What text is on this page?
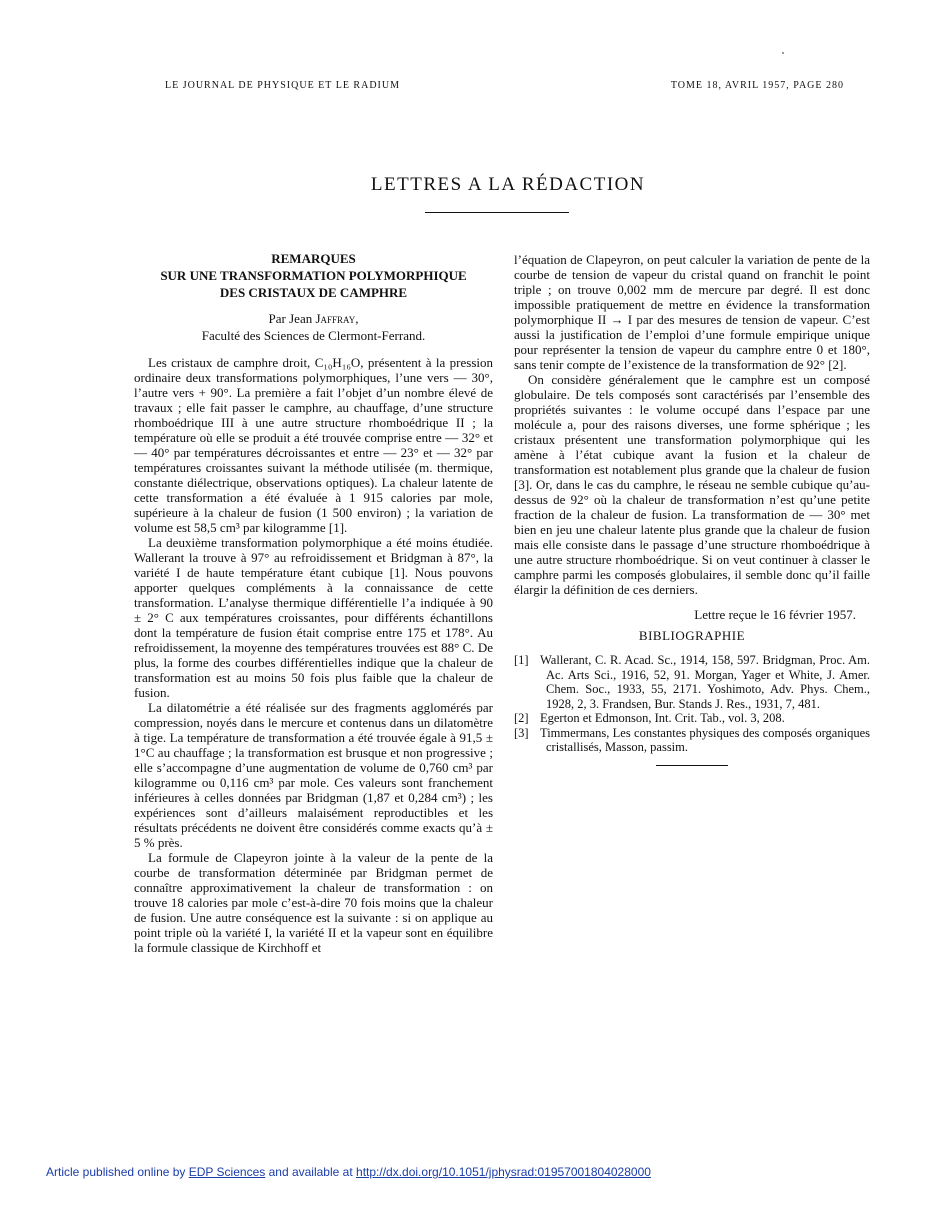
LE JOURNAL DE PHYSIQUE ET LE RADIUM	TOME 18, AVRIL 1957, PAGE 280
LETTRES A LA RÉDACTION
REMARQUES
SUR UNE TRANSFORMATION POLYMORPHIQUE
DES CRISTAUX DE CAMPHRE

Par Jean Jaffray,

Faculté des Sciences de Clermont-Ferrand.

Les cristaux de camphre droit, C₁₀H₁₆O, présentent à la pression ordinaire deux transformations polymorphiques, l’une vers — 30°, l’autre vers + 90°. La première a fait l’objet d’un nombre élevé de travaux ; elle fait passer le camphre, au chauffage, d’une structure rhomboédrique III à une autre structure rhomboédrique II ; la température où elle se produit a été trouvée comprise entre — 32° et — 40° par températures décroissantes et entre — 23° et — 32° par températures croissantes suivant la méthode utilisée (m. thermique, constante diélectrique, observations optiques). La chaleur latente de cette transformation a été évaluée à 1 915 calories par mole, supérieure à la chaleur de fusion (1 500 environ) ; la variation de volume est 58,5 cm³ par kilogramme [1].

La deuxième transformation polymorphique a été moins étudiée. Wallerant la trouve à 97° au refroidissement et Bridgman à 87°, la variété I de haute température étant cubique [1]. Nous pouvons apporter quelques compléments à la connaissance de cette transformation. L’analyse thermique différentielle l’a indiquée à 90 ± 2° C aux températures croissantes, pour différents échantillons dont la température de fusion était comprise entre 175 et 178°. Au refroidissement, la moyenne des températures trouvées est 88° C. De plus, la forme des courbes différentielles indique que la chaleur de transformation est au moins 50 fois plus faible que la chaleur de fusion.

La dilatométrie a été réalisée sur des fragments agglomérés par compression, noyés dans le mercure et contenus dans un dilatomètre à tige. La température de transformation a été trouvée égale à 91,5 ± 1°C au chauffage ; la transformation est brusque et non progressive ; elle s’accompagne d’une augmentation de volume de 0,760 cm³ par kilogramme ou 0,116 cm³ par mole. Ces valeurs sont franchement inférieures à celles données par Bridgman (1,87 et 0,284 cm³) ; les expériences sont d’ailleurs malaisément reproductibles et les résultats précédents ne doivent être considérés comme exacts qu’à ± 5 % près.

La formule de Clapeyron jointe à la valeur de la pente de la courbe de transformation déterminée par Bridgman permet de connaître approximativement la chaleur de transformation : on trouve 18 calories par mole c’est-à-dire 70 fois moins que la chaleur de fusion. Une autre conséquence est la suivante : si on applique au point triple où la variété I, la variété II et la vapeur sont en équilibre la formule classique de Kirchhoff et

l’équation de Clapeyron, on peut calculer la variation de pente de la courbe de tension de vapeur du cristal quand on franchit le point triple ; on trouve 0,002 mm de mercure par degré. Il est donc impossible pratiquement de mettre en évidence la transformation polymorphique II → I par des mesures de tension de vapeur. C’est aussi la justification de l’emploi d’une formule empirique unique pour représenter la tension de vapeur du camphre entre 0 et 180°, sans tenir compte de l’existence de la transformation de 92° [2].

On considère généralement que le camphre est un composé globulaire. De tels composés sont caractérisés par l’ensemble des propriétés suivantes : le volume occupé dans l’espace par une molécule a, pour des raisons diverses, une forme sphérique ; les cristaux présentent une transformation polymorphique qui les amène à l’état cubique avant la fusion et la chaleur de transformation est notablement plus grande que la chaleur de fusion [3]. Or, dans le cas du camphre, le réseau ne semble cubique qu’au-dessus de 92° où la chaleur de transformation n’est qu’une petite fraction de la chaleur de fusion. La transformation de — 30° met bien en jeu une chaleur latente plus grande que la chaleur de fusion mais elle consiste dans le passage d’une structure rhomboédrique à une autre structure rhomboédrique. Si on veut continuer à classer le camphre parmi les composés globulaires, il semble donc qu’il faille élargir la définition de ces derniers.

Lettre reçue le 16 février 1957.

BIBLIOGRAPHIE

[1] Wallerant, C. R. Acad. Sc., 1914, 158, 597. Bridgman, Proc. Am. Ac. Arts Sci., 1916, 52, 91. Morgan, Yager et White, J. Amer. Chem. Soc., 1933, 55, 2171. Yoshimoto, Adv. Phys. Chem., 1928, 2, 3. Frandsen, Bur. Stands J. Res., 1931, 7, 481.

[2] Egerton et Edmonson, Int. Crit. Tab., vol. 3, 208.

[3] Timmermans, Les constantes physiques des composés organiques cristallisés, Masson, passim.

Article published online by EDP Sciences and available at http://dx.doi.org/10.1051/jphysrad:01957001804028000
